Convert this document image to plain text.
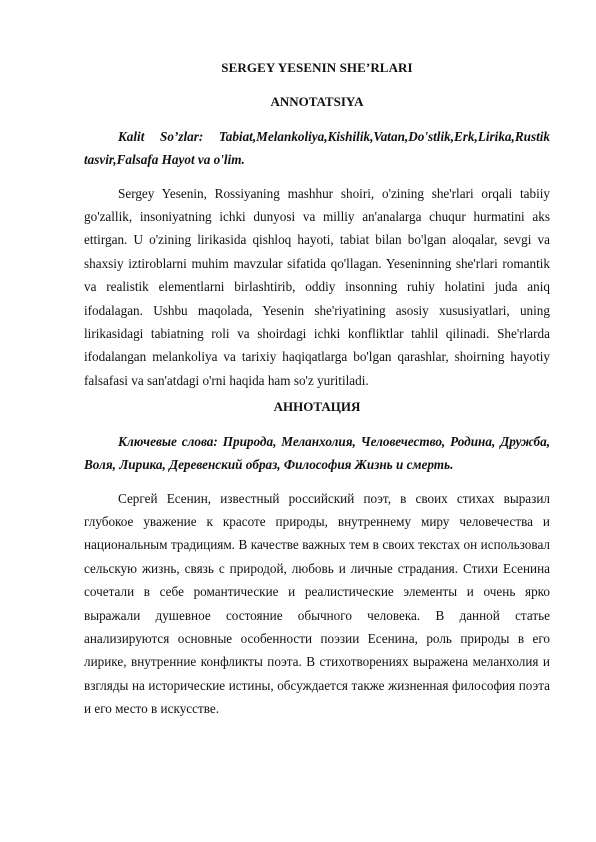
SERGEY YESENIN SHE’RLARI
ANNOTATSIYA

Kalit So’zlar: Tabiat,Melankoliya,Kishilik,Vatan,Do'stlik,Erk,Lirika,Rustik tasvir,Falsafa Hayot va o'lim.

Sergey Yesenin, Rossiyaning mashhur shoiri, o'zining she'rlari orqali tabiiy go'zallik, insoniyatning ichki dunyosi va milliy an'analarga chuqur hurmatini aks ettirgan. U o'zining lirikasida qishloq hayoti, tabiat bilan bo'lgan aloqalar, sevgi va shaxsiy iztiroblarni muhim mavzular sifatida qo'llagan. Yeseninning she'rlari romantik va realistik elementlarni birlashtirib, oddiy insonning ruhiy holatini juda aniq ifodalagan. Ushbu maqolada, Yesenin she'riyatining asosiy xususiyatlari, uning lirikasidagi tabiatning roli va shoirdagi ichki konfliktlar tahlil qilinadi. She'rlarda ifodalangan melankoliya va tarixiy haqiqatlarga bo'lgan qarashlar, shoirning hayotiy falsafasi va san'atdagi o'rni haqida ham so'z yuritiladi.

АННОТАЦИЯ

Ключевые слова: Природа, Меланхолия, Человечество, Родина, Дружба, Воля, Лирика, Деревенский образ, Философия Жизнь и смерть.

Сергей Есенин, известный российский поэт, в своих стихах выразил глубокое уважение к красоте природы, внутреннему миру человечества и национальным традициям. В качестве важных тем в своих текстах он использовал сельскую жизнь, связь с природой, любовь и личные страдания. Стихи Есенина сочетали в себе романтические и реалистические элементы и очень ярко выражали душевное состояние обычного человека. В данной статье анализируются основные особенности поэзии Есенина, роль природы в его лирике, внутренние конфликты поэта. В стихотворениях выражена меланхолия и взгляды на исторические истины, обсуждается также жизненная философия поэта и его место в искусстве.
